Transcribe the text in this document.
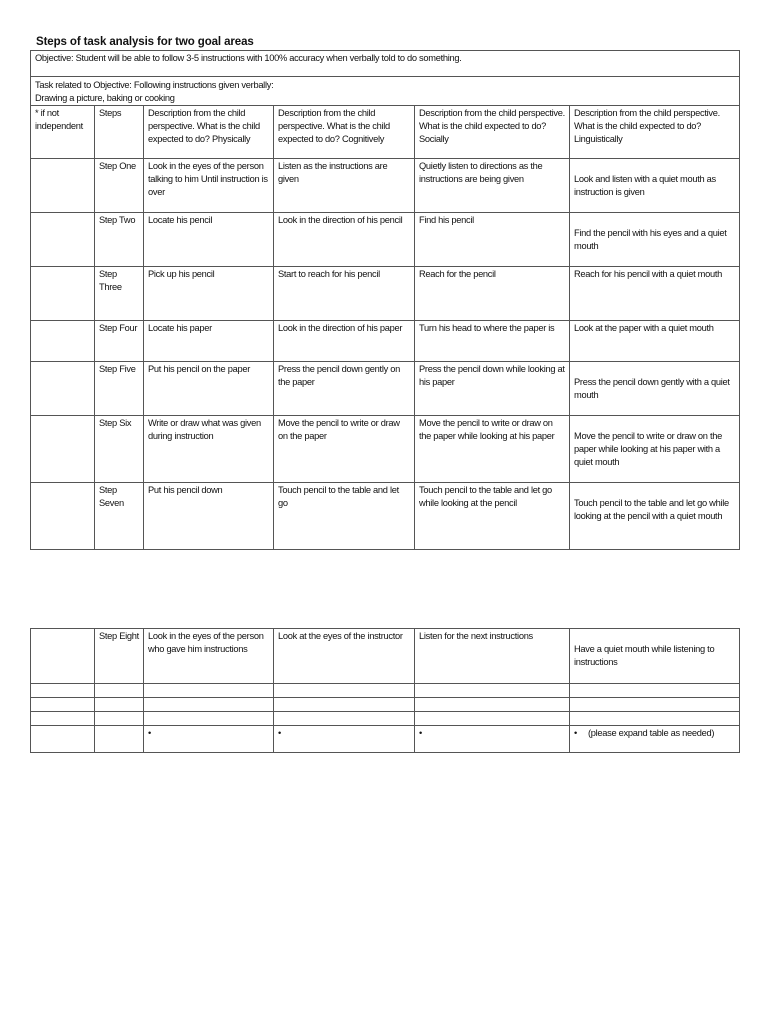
Steps of task analysis for two goal areas
Objective: Student will be able to follow 3-5 instructions with 100% accuracy when verbally told to do something.					

Task related to Objective: Following instructions given verbally:
Drawing a picture, baking or cooking					

* if not independent	Steps	Description from the child perspective. What is the child expected to do? Physically	Description from the child perspective. What is the child expected to do? Cognitively	Description from the child perspective. What is the child expected to do? Socially	Description from the child perspective. What is the child expected to do? Linguistically
	Step One	Look in the eyes of the person talking to him Until instruction is over	Listen as the instructions are given	Quietly listen to directions as the instructions are being given	Look and listen with a quiet mouth as instruction is given
	Step Two	Locate his pencil	Look in the direction of his pencil	Find his pencil	Find the pencil with his eyes and a quiet mouth
	Step Three	Pick up his pencil	Start to reach for his pencil	Reach for the pencil	Reach for his pencil with a quiet mouth
	Step Four	Locate his paper	Look in the direction of his paper	Turn his head to where the paper is	Look at the paper with a quiet mouth
	Step Five	Put his pencil on the paper	Press the pencil down gently on the paper	Press the pencil down while looking at his paper	Press the pencil down gently with a quiet mouth
	Step Six	Write or draw what was given during instruction	Move the pencil to write or draw on the paper	Move the pencil to write or draw on the paper while looking at his paper	Move the pencil to write or draw on the paper while looking at his paper with a quiet mouth
	Step Seven	Put his pencil down	Touch pencil to the table and let go	Touch pencil to the table and let go while looking at the pencil	Touch pencil to the table and let go while looking at the pencil with a quiet mouth
	Step Eight	Look in the eyes of the person who gave him instructions	Look at the eyes of the instructor	Listen for the next instructions	Have a quiet mouth while listening to instructions

		•	•	•	• (please expand table as needed)
